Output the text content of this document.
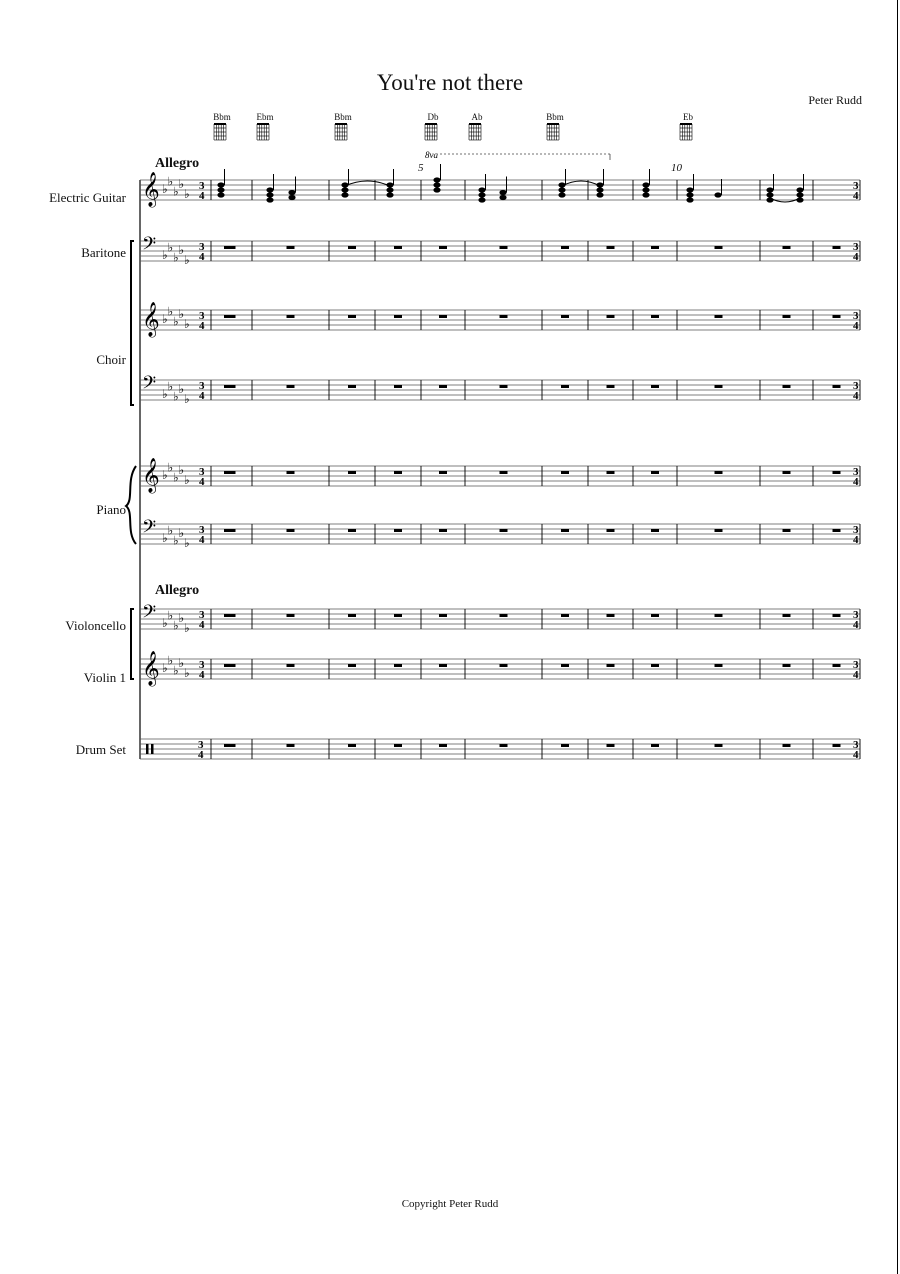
You're not there
Peter Rudd
Bbm	Ebm	Bbm	Db	Ab	Bbm	Eb
Allegro
Allegro
5	10
Electric Guitar
Baritone
Choir
Piano
Violoncello
Violin 1
Drum Set
8va
𝄞 ♭
♭
♭
♭
♭
3
4
3
4
𝄢 ♭
♭
♭
♭
♭
3
4
3
4
𝄞 ♭
♭
♭
♭
♭
3
4
3
4
𝄢 ♭
♭
♭
♭
♭
3
4
3
4
𝄞 ♭
♭
♭
♭
♭
3
4
3
4
𝄢 ♭
♭
♭
♭
♭
3
4
3
4
𝄢 ♭
♭
♭
♭
♭
3
4
3
4
𝄞 ♭
♭
♭
♭
♭
3
4
3
4
3
4
3
4
Copyright Peter Rudd
